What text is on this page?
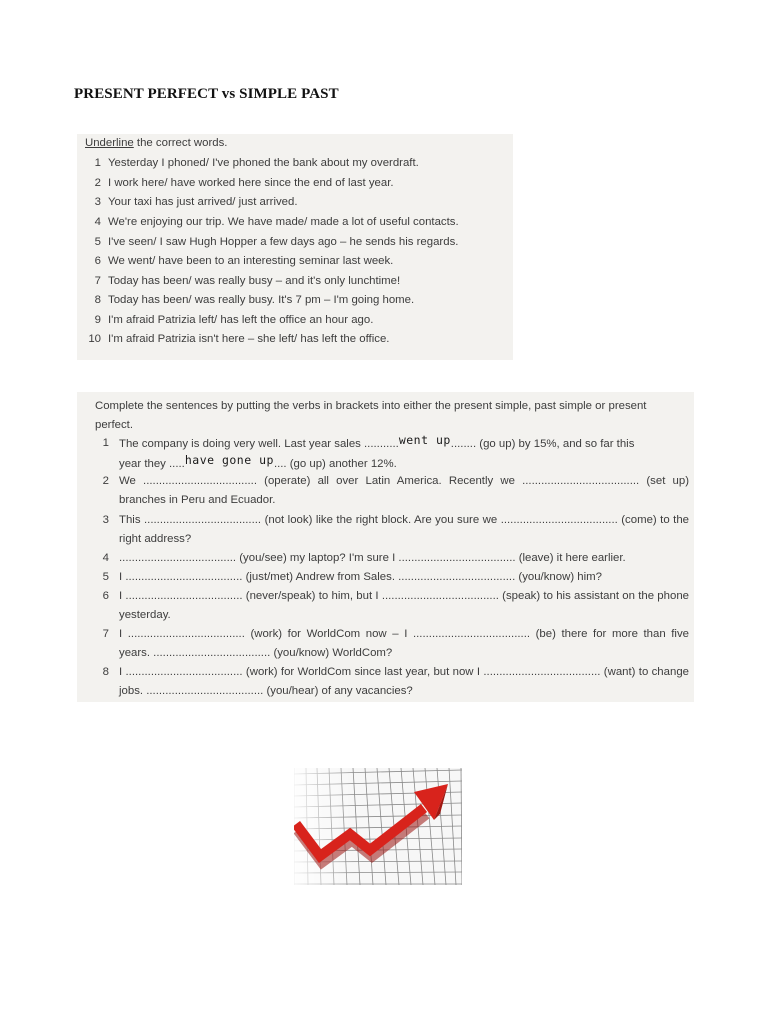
PRESENT PERFECT vs SIMPLE PAST
Underline the correct words.
1 Yesterday I phoned/ I've phoned the bank about my overdraft.
2 I work here/ have worked here since the end of last year.
3 Your taxi has just arrived/ just arrived.
4 We're enjoying our trip. We have made/ made a lot of useful contacts.
5 I've seen/ I saw Hugh Hopper a few days ago – he sends his regards.
6 We went/ have been to an interesting seminar last week.
7 Today has been/ was really busy – and it's only lunchtime!
8 Today has been/ was really busy. It's 7 pm – I'm going home.
9 I'm afraid Patrizia left/ has left the office an hour ago.
10 I'm afraid Patrizia isn't here – she left/ has left the office.
Complete the sentences by putting the verbs in brackets into either the present simple, past simple or present perfect.
1 The company is doing very well. Last year sales ...........went up........ (go up) by 15%, and so far this
year they .....have gone up.... (go up) another 12%.
2 We .................................... (operate) all over Latin America. Recently we ..................................... (set up) branches in Peru and Ecuador.
3 This ..................................... (not look) like the right block. Are you sure we ..................................... (come) to the right address?
4 ..................................... (you/see) my laptop? I'm sure I ..................................... (leave) it here earlier.
5 I ..................................... (just/met) Andrew from Sales. ..................................... (you/know) him?
6 I ..................................... (never/speak) to him, but I ..................................... (speak) to his assistant on the phone yesterday.
7 I ..................................... (work) for WorldCom now – I ..................................... (be) there for more than five years. ..................................... (you/know) WorldCom?
8 I ..................................... (work) for WorldCom since last year, but now I ..................................... (want) to change jobs. ..................................... (you/hear) of any vacancies?
